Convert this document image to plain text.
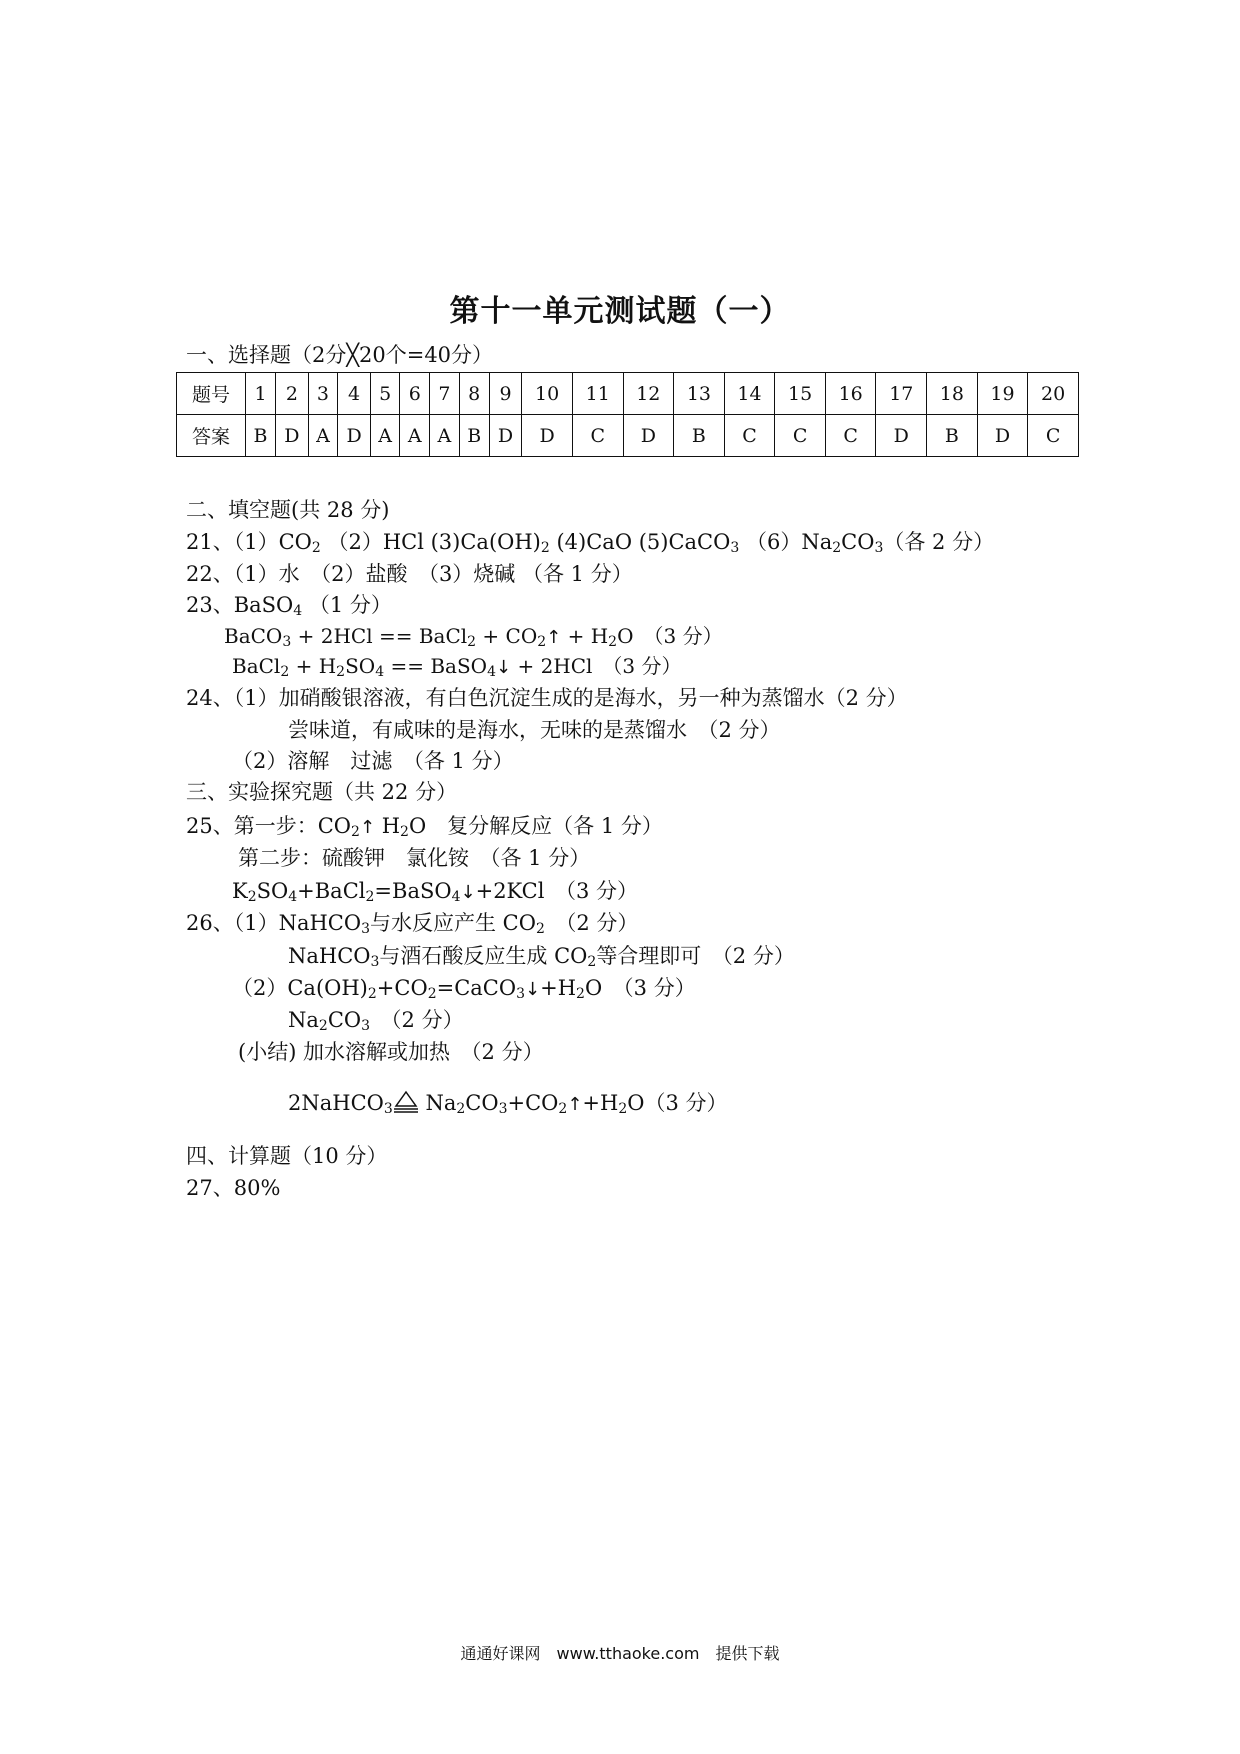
第十一单元测试题（一）
一、选择题（2分╳20个=40分）
题号	1	2	3	4	5	6	7	8	9	10	11	12	13	14	15	16	17	18	19	20
答案	B	D	A	D	A	A	A	B	D	D	C	D	B	C	C	C	D	B	D	C
二、填空题(共 28 分)
21、$(1)CO_2$ （2）HCl $(3)Ca(OH)_2$ (4)CaO (5)CaCO$_3$ $(6)Na_2CO_3$（各 2 分）
22、（1）水　（2）盐酸　（3）烧碱 （各 1 分）
23、BaSO$_4$ （1 分）
BaCO$_3$ + 2HCl == BaCl$_2$ + $CO_2↑ + H_2O$　（3 分）
BaCl$_2$ + $H_2SO_4$ == BaSO$_4$↓ + 2HCl　（3 分）
24、（1）加硝酸银溶液，有白色沉淀生成的是海水，另一种为蒸馏水（2 分）
尝味道，有咸味的是海水，无味的是蒸馏水　（2 分）
（2）溶解　过滤　（各 1 分）
三、实验探究题（共 22 分）
25、第一步：$CO_2↑$ $H_2O$　复分解反应（各 1 分）
第二步：硫酸钾　氯化铵　（各 1 分）
$K_2SO_4+BaCl_2=BaSO_4↓+2KCl$　（3 分）
26、（1）NaHCO$_3$与水反应产生 $CO_2$　（2 分）
NaHCO$_3$与酒石酸反应生成 $CO_2$等合理即可　（2 分）
$(2)Ca(OH)_2+CO_2=CaCO_3↓+H_2O$　（3 分）
$Na_2CO_3$　（2 分）
(小结) 加水溶解或加热　（2 分）
2NaHCO$_3$ $Na_2CO_3+CO_2↑+H_2O(3$ 分）
四、计算题（10 分）
27、80%
通通好课网　www.tthaoke.com　提供下载
